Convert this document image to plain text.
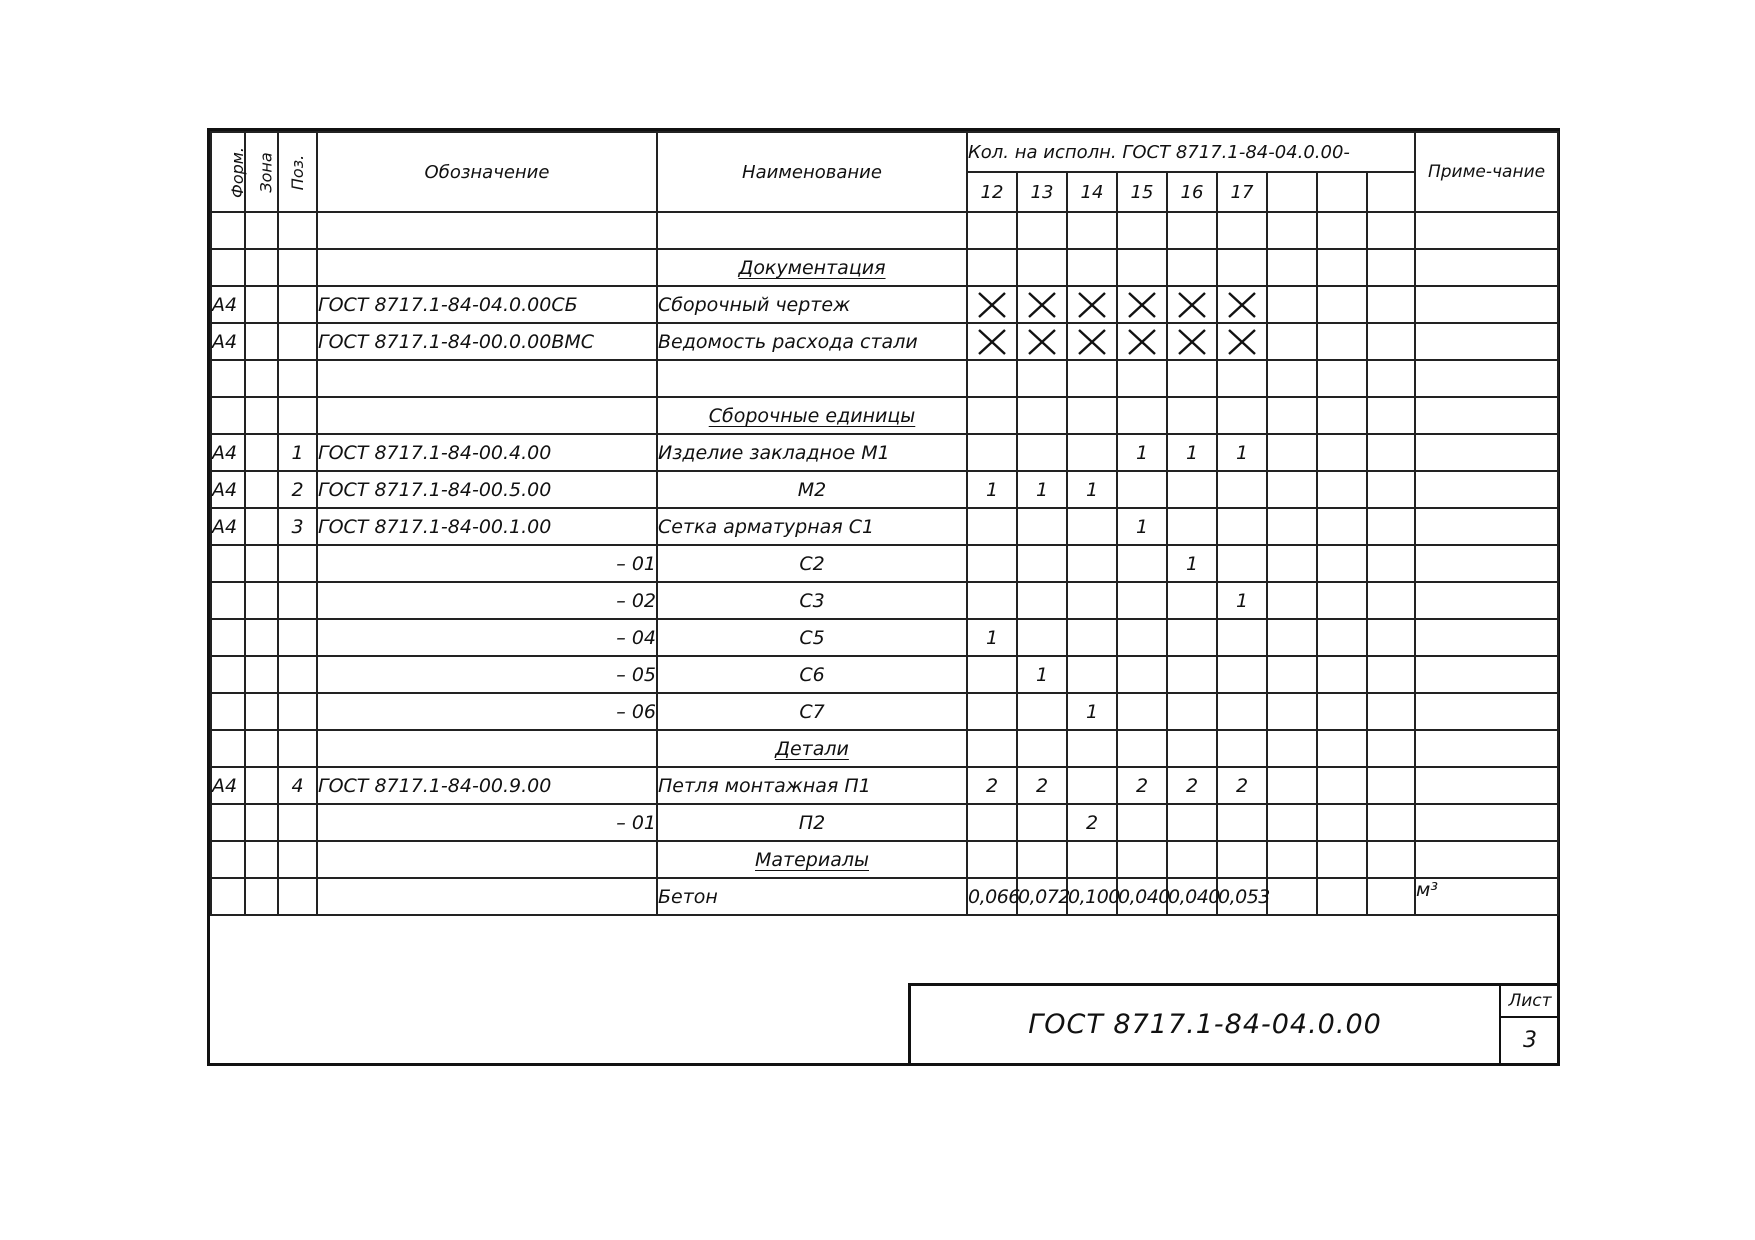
Форм.	Зона	Поз.	Обозначение	Наименование	Кол. на исполн. ГОСТ 8717.1-84-04.0.00-									Приме-чание
					12	13	14	15	16	17				

				Документация										
А4			ГОСТ 8717.1-84-04.0.00СБ	Сборочный чертеж	

А4			ГОСТ 8717.1-84-00.0.00ВМС	Ведомость расхода стали	

				Сборочные единицы										
А4		1	ГОСТ 8717.1-84-00.4.00	Изделие закладное М1				1	1	1				
А4		2	ГОСТ 8717.1-84-00.5.00	М2	1	1	1							
А4		3	ГОСТ 8717.1-84-00.1.00	Сетка арматурная С1				1						
			– 01	С2					1					
			– 02	С3						1				
			– 04	С5	1									
			– 05	С6		1								
			– 06	С7			1							
				Детали										
А4		4	ГОСТ 8717.1-84-00.9.00	Петля монтажная П1	2	2		2	2	2				
			– 01	П2			2							
				Материалы										
				Бетон	0,066	0,072	0,100	0,040	0,040	0,053				м³
ГОСТ 8717.1-84-04.0.00
Лист
3
